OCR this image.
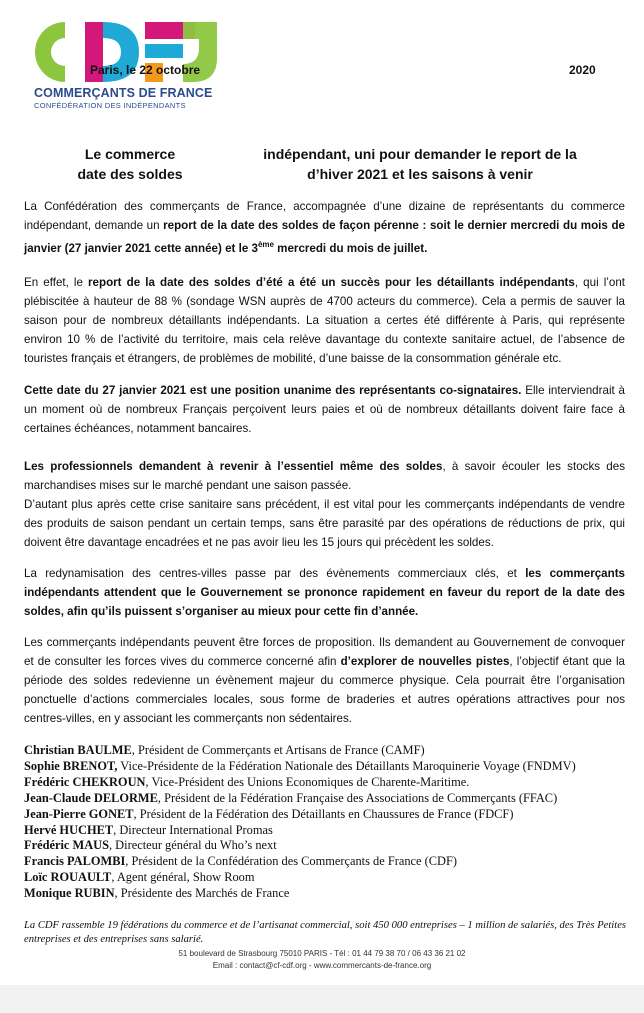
COMMERÇANTS DE FRANCE
CONFÉDÉRATION DES INDÉPENDANTS
Paris, le 22 octobre	2020
Le commerce date des soldes
indépendant, uni pour demander le report de la d’hiver 2021 et les saisons à venir
La Confédération des commerçants de France, accompagnée d’une dizaine de représentants du commerce indépendant, demande un report de la date des soldes de façon pérenne : soit le dernier mercredi du mois de janvier (27 janvier 2021 cette année) et le 3ème mercredi du mois de juillet.
En effet, le report de la date des soldes d’été a été un succès pour les détaillants indépendants, qui l’ont plébiscitée à hauteur de 88 % (sondage WSN auprès de 4700 acteurs du commerce). Cela a permis de sauver la saison pour de nombreux détaillants indépendants. La situation a certes été différente à Paris, qui représente environ 10 % de l’activité du territoire, mais cela relève davantage du contexte sanitaire actuel, de l’absence de touristes français et étrangers, de problèmes de mobilité, d’une baisse de la consommation générale etc.
Cette date du 27 janvier 2021 est une position unanime des représentants co-signataires. Elle interviendrait à un moment où de nombreux Français perçoivent leurs paies et où de nombreux détaillants doivent faire face à certaines échéances, notamment bancaires.
Les professionnels demandent à revenir à l’essentiel même des soldes, à savoir écouler les stocks des marchandises mises sur le marché pendant une saison passée.
D’autant plus après cette crise sanitaire sans précédent, il est vital pour les commerçants indépendants de vendre des produits de saison pendant un certain temps, sans être parasité par des opérations de réductions de prix, qui doivent être davantage encadrées et ne pas avoir lieu les 15 jours qui précèdent les soldes.
La redynamisation des centres-villes passe par des évènements commerciaux clés, et les commerçants indépendants attendent que le Gouvernement se prononce rapidement en faveur du report de la date des soldes, afin qu’ils puissent s’organiser au mieux pour cette fin d’année.
Les commerçants indépendants peuvent être forces de proposition. Ils demandent au Gouvernement de convoquer et de consulter les forces vives du commerce concerné afin d’explorer de nouvelles pistes, l’objectif étant que la période des soldes redevienne un évènement majeur du commerce physique. Cela pourrait être l’organisation ponctuelle d’actions commerciales locales, sous forme de braderies et autres opérations attractives pour nos centres-villes, en y associant les commerçants non sédentaires.
Christian BAULME, Président de Commerçants et Artisans de France (CAMF)
Sophie BRENOT, Vice-Présidente de la Fédération Nationale des Détaillants Maroquinerie Voyage (FNDMV)
Frédéric CHEKROUN, Vice-Président des Unions Economiques de Charente-Maritime.
Jean-Claude DELORME, Président de la Fédération Française des Associations de Commerçants (FFAC)
Jean-Pierre GONET, Président de la Fédération des Détaillants en Chaussures de France (FDCF)
Hervé HUCHET, Directeur International Promas
Frédéric MAUS, Directeur général du Who’s next
Francis PALOMBI, Président de la Confédération des Commerçants de France (CDF)
Loïc ROUAULT, Agent général, Show Room
Monique RUBIN, Présidente des Marchés de France
La CDF rassemble 19 fédérations du commerce et de l’artisanat commercial, soit 450 000 entreprises – 1 million de salariés, des Très Petites entreprises et des entreprises sans salarié.
51 boulevard de Strasbourg 75010 PARIS - Tél : 01 44 79 38 70 / 06 43 36 21 02
Email : contact@cf-cdf.org - www.commercants-de-france.org
